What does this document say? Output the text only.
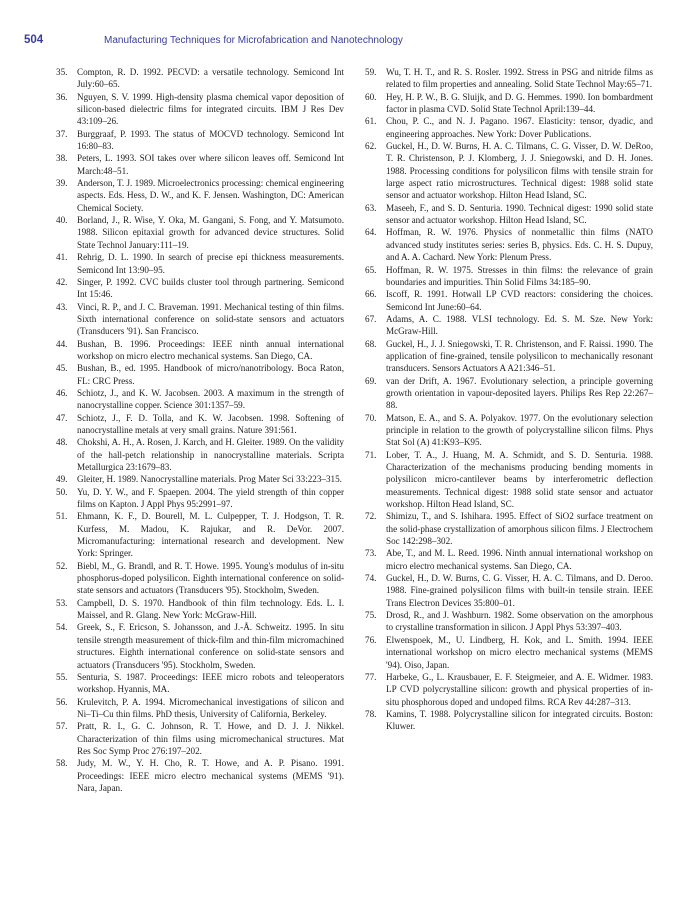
504	Manufacturing Techniques for Microfabrication and Nanotechnology
35. Compton, R. D. 1992. PECVD: a versatile technology. Semicond Int July:60–65.
36. Nguyen, S. V. 1999. High-density plasma chemical vapor deposition of silicon-based dielectric films for integrated circuits. IBM J Res Dev 43:109–26.
37. Burggraaf, P. 1993. The status of MOCVD technology. Semicond Int 16:80–83.
38. Peters, L. 1993. SOI takes over where silicon leaves off. Semicond Int March:48–51.
39. Anderson, T. J. 1989. Microelectronics processing: chemical engineering aspects. Eds. Hess, D. W., and K. F. Jensen. Washington, DC: American Chemical Society.
40. Borland, J., R. Wise, Y. Oka, M. Gangani, S. Fong, and Y. Matsumoto. 1988. Silicon epitaxial growth for advanced device structures. Solid State Technol January:111–19.
41. Rehrig, D. L. 1990. In search of precise epi thickness measurements. Semicond Int 13:90–95.
42. Singer, P. 1992. CVC builds cluster tool through partnering. Semicond Int 15:46.
43. Vinci, R. P., and J. C. Braveman. 1991. Mechanical testing of thin films. Sixth international conference on solid-state sensors and actuators (Transducers '91). San Francisco.
44. Bushan, B. 1996. Proceedings: IEEE ninth annual international workshop on micro electro mechanical systems. San Diego, CA.
45. Bushan, B., ed. 1995. Handbook of micro/nanotribology. Boca Raton, FL: CRC Press.
46. Schiotz, J., and K. W. Jacobsen. 2003. A maximum in the strength of nanocrystalline copper. Science 301:1357–59.
47. Schiotz, J., F. D. Tolla, and K. W. Jacobsen. 1998. Softening of nanocrystalline metals at very small grains. Nature 391:561.
48. Chokshi, A. H., A. Rosen, J. Karch, and H. Gleiter. 1989. On the validity of the hall-petch relationship in nanocrystalline materials. Scripta Metallurgica 23:1679–83.
49. Gleiter, H. 1989. Nanocrystalline materials. Prog Mater Sci 33:223–315.
50. Yu, D. Y. W., and F. Spaepen. 2004. The yield strength of thin copper films on Kapton. J Appl Phys 95:2991–97.
51. Ehmann, K. F., D. Bourell, M. L. Culpepper, T. J. Hodgson, T. R. Kurfess, M. Madou, K. Rajukar, and R. DeVor. 2007. Micromanufacturing: international research and development. New York: Springer.
52. Biebl, M., G. Brandl, and R. T. Howe. 1995. Young's modulus of in-situ phosphorus-doped polysilicon. Eighth international conference on solid-state sensors and actuators (Transducers '95). Stockholm, Sweden.
53. Campbell, D. S. 1970. Handbook of thin film technology. Eds. L. I. Maissel, and R. Glang. New York: McGraw-Hill.
54. Greek, S., F. Ericson, S. Johansson, and J.-Å. Schweitz. 1995. In situ tensile strength measurement of thick-film and thin-film micromachined structures. Eighth international conference on solid-state sensors and actuators (Transducers '95). Stockholm, Sweden.
55. Senturia, S. 1987. Proceedings: IEEE micro robots and teleoperators workshop. Hyannis, MA.
56. Krulevitch, P. A. 1994. Micromechanical investigations of silicon and Ni–Ti–Cu thin films. PhD thesis, University of California, Berkeley.
57. Pratt, R. I., G. C. Johnson, R. T. Howe, and D. J. J. Nikkel. Characterization of thin films using micromechanical structures. Mat Res Soc Symp Proc 276:197–202.
58. Judy, M. W., Y. H. Cho, R. T. Howe, and A. P. Pisano. 1991. Proceedings: IEEE micro electro mechanical systems (MEMS '91). Nara, Japan.
59. Wu, T. H. T., and R. S. Rosler. 1992. Stress in PSG and nitride films as related to film properties and annealing. Solid State Technol May:65–71.
60. Hey, H. P. W., B. G. Sluijk, and D. G. Hemmes. 1990. Ion bombardment factor in plasma CVD. Solid State Technol April:139–44.
61. Chou, P. C., and N. J. Pagano. 1967. Elasticity: tensor, dyadic, and engineering approaches. New York: Dover Publications.
62. Guckel, H., D. W. Burns, H. A. C. Tilmans, C. G. Visser, D. W. DeRoo, T. R. Christenson, P. J. Klomberg, J. J. Sniegowski, and D. H. Jones. 1988. Processing conditions for polysilicon films with tensile strain for large aspect ratio microstructures. Technical digest: 1988 solid state sensor and actuator workshop. Hilton Head Island, SC.
63. Maseeh, F., and S. D. Senturia. 1990. Technical digest: 1990 solid state sensor and actuator workshop. Hilton Head Island, SC.
64. Hoffman, R. W. 1976. Physics of nonmetallic thin films (NATO advanced study institutes series: series B, physics. Eds. C. H. S. Dupuy, and A. A. Cachard. New York: Plenum Press.
65. Hoffman, R. W. 1975. Stresses in thin films: the relevance of grain boundaries and impurities. Thin Solid Films 34:185–90.
66. Iscoff, R. 1991. Hotwall LP CVD reactors: considering the choices. Semicond Int June:60–64.
67. Adams, A. C. 1988. VLSI technology. Ed. S. M. Sze. New York: McGraw-Hill.
68. Guckel, H., J. J. Sniegowski, T. R. Christenson, and F. Raissi. 1990. The application of fine-grained, tensile polysilicon to mechanically resonant transducers. Sensors Actuators A A21:346–51.
69. van der Drift, A. 1967. Evolutionary selection, a principle governing growth orientation in vapour-deposited layers. Philips Res Rep 22:267–88.
70. Matson, E. A., and S. A. Polyakov. 1977. On the evolutionary selection principle in relation to the growth of polycrystalline silicon films. Phys Stat Sol (A) 41:K93–K95.
71. Lober, T. A., J. Huang, M. A. Schmidt, and S. D. Senturia. 1988. Characterization of the mechanisms producing bending moments in polysilicon micro-cantilever beams by interferometric deflection measurements. Technical digest: 1988 solid state sensor and actuator workshop. Hilton Head Island, SC.
72. Shimizu, T., and S. Ishihara. 1995. Effect of SiO2 surface treatment on the solid-phase crystallization of amorphous silicon films. J Electrochem Soc 142:298–302.
73. Abe, T., and M. L. Reed. 1996. Ninth annual international workshop on micro electro mechanical systems. San Diego, CA.
74. Guckel, H., D. W. Burns, C. G. Visser, H. A. C. Tilmans, and D. Deroo. 1988. Fine-grained polysilicon films with built-in tensile strain. IEEE Trans Electron Devices 35:800–01.
75. Drosd, R., and J. Washburn. 1982. Some observation on the amorphous to crystalline transformation in silicon. J Appl Phys 53:397–403.
76. Elwenspoek, M., U. Lindberg, H. Kok, and L. Smith. 1994. IEEE international workshop on micro electro mechanical systems (MEMS '94). Oiso, Japan.
77. Harbeke, G., L. Krausbauer, E. F. Steigmeier, and A. E. Widmer. 1983. LP CVD polycrystalline silicon: growth and physical properties of in-situ phosphorous doped and undoped films. RCA Rev 44:287–313.
78. Kamins, T. 1988. Polycrystalline silicon for integrated circuits. Boston: Kluwer.
